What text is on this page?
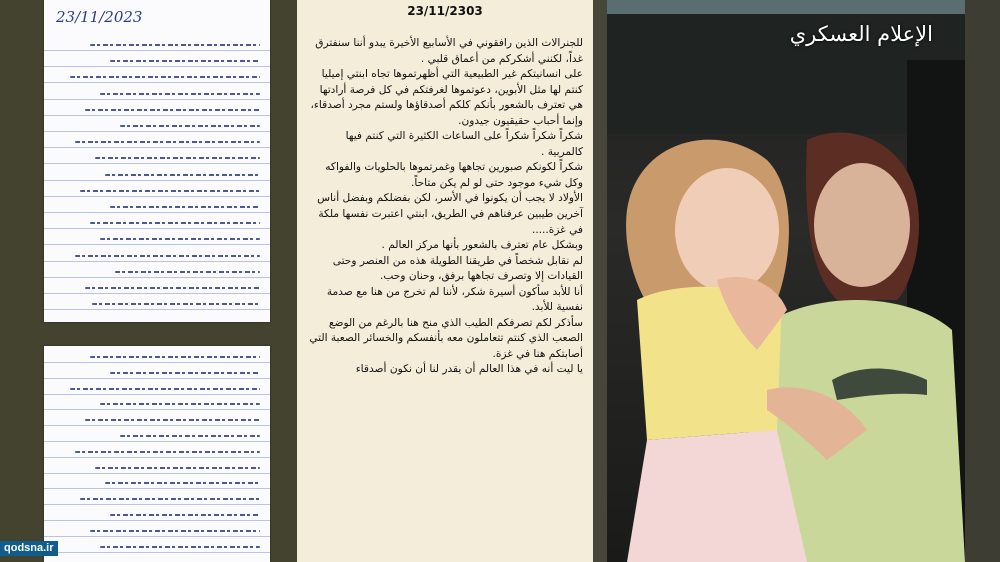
23/11/2023	23/11/2303

للجنرالات الذين رافقوني في الأسابيع الأخيرة يبدو أننا سنفترق غداً، لكنني أشكركم من أعماق قلبي .

على انسانيتكم غير الطبيعية التي أظهرتموها تجاه ابنتي إميليا

كنتم لها مثل الأبوين، دعوتموها لغرفتكم في كل فرصة أرادتها

هي تعترف بالشعور بأنكم كلكم أصدقاؤها ولستم مجرد أصدقاء، وإنما أحباب حقيقيون جيدون.

شكراً شكراً شكراً على الساعات الكثيرة التي كنتم فيها كالمربية .

شكراً لكونكم صبورين تجاهها وغمرتموها بالحلويات والفواكه وكل شيء موجود حتى لو لم يكن متاحاً.

الأولاد لا يجب أن يكونوا في الأسر، لكن بفضلكم وبفضل أناس آخرين طيبين عرفناهم في الطريق، ابنتي اعتبرت نفسها ملكة في غزة.....

وبشكل عام تعترف بالشعور بأنها مركز العالم .

لم نقابل شخصاً في طريقنا الطويلة هذه من العنصر وحتى القيادات إلا وتصرف تجاهها برفق، وحنان وحب.

أنا للأبد سأكون أسيرة شكر، لأننا لم تخرج من هنا مع صدمة نفسية للأبد.

سأذكر لكم تصرفكم الطيب الذي منح هنا بالرغم من الوضع الصعب الذي كنتم تتعاملون معه بأنفسكم والخسائر الصعبة التي أصابتكم هنا في غزة.

يا ليت أنه في هذا العالم أن يقدر لنا أن نكون أصدقاء

الإعلام العسكري
qodsna.ir
